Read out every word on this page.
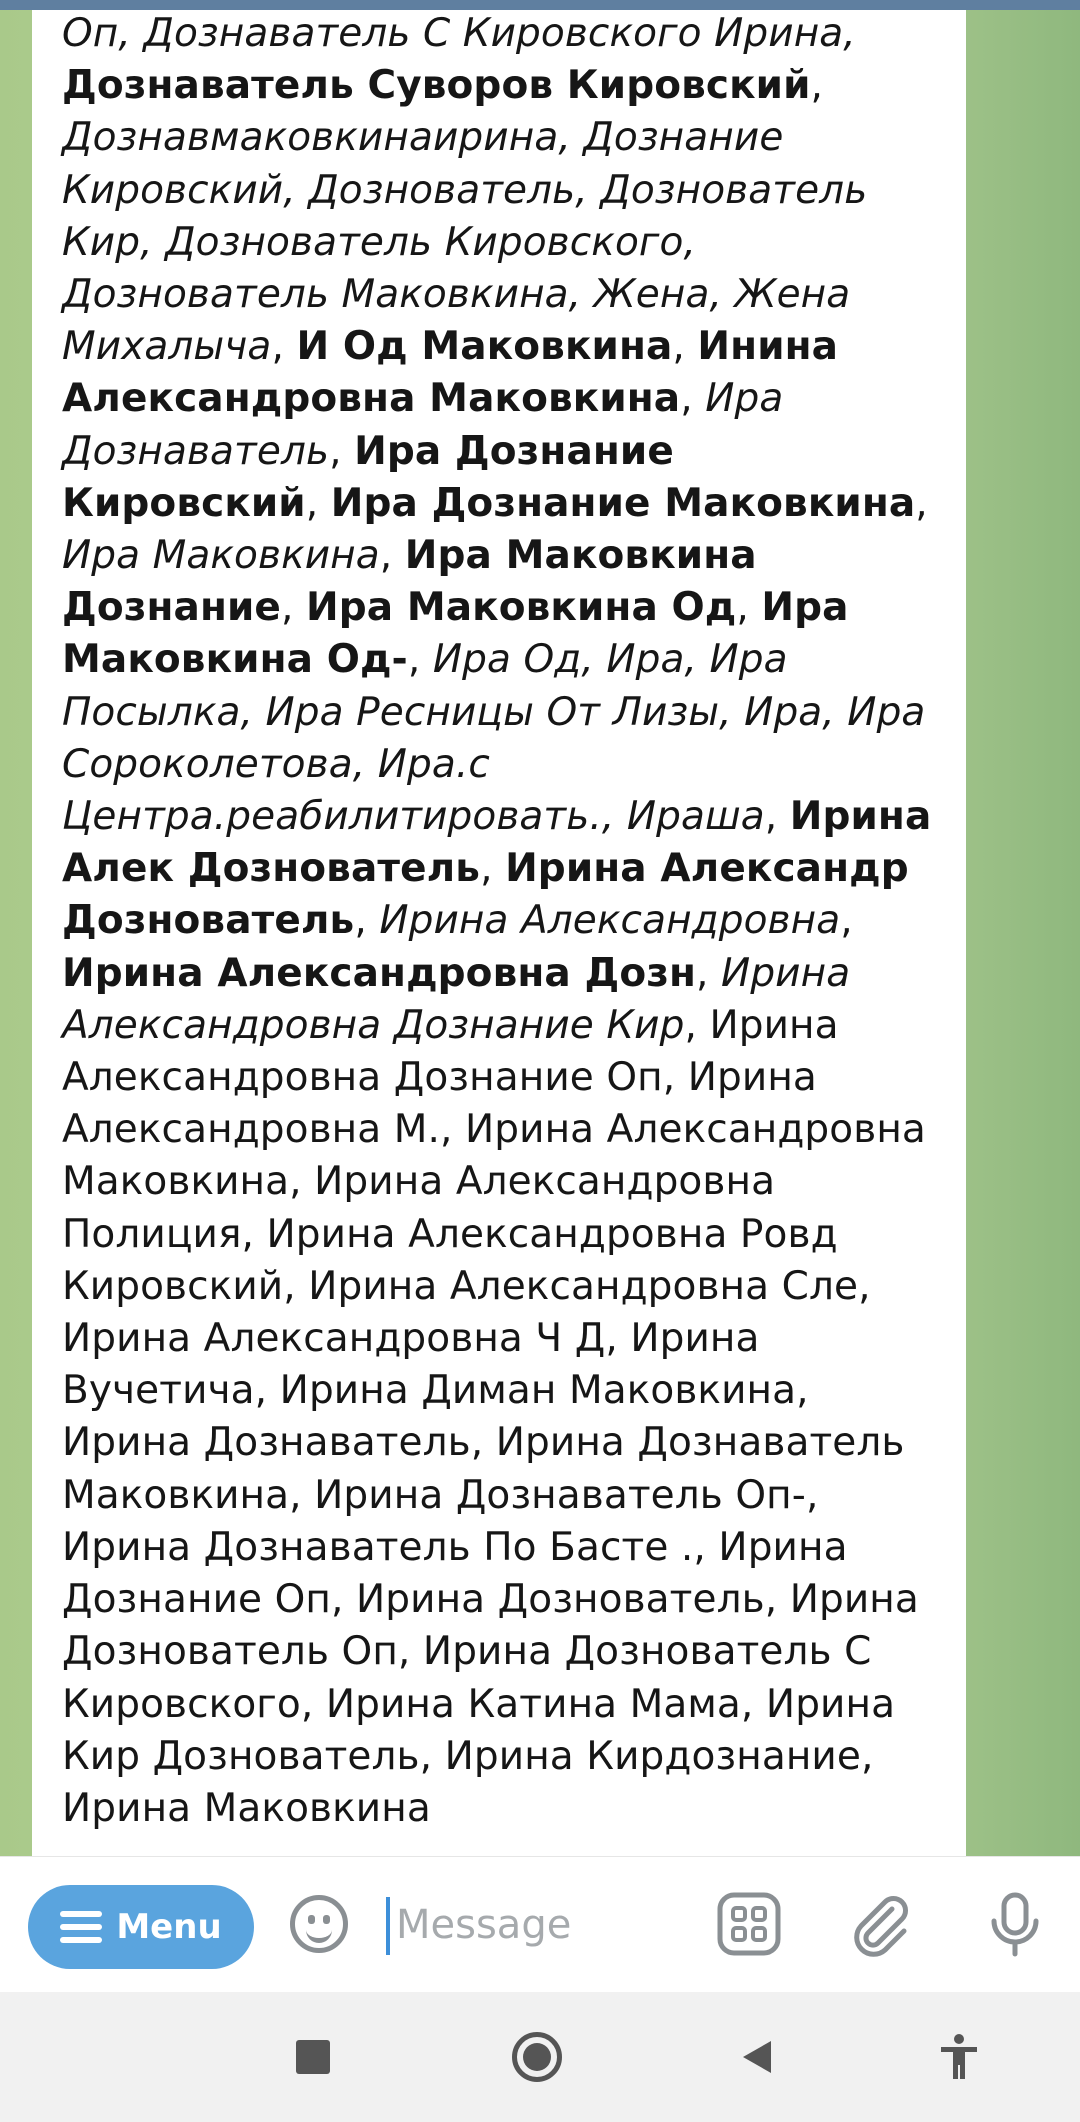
Оп, Дознаватель С Кировского Ирина, Дознаватель Суворов Кировский, Дознавмаковкинаирина, Дознание Кировский, Дознователь, Дознователь Кир, Дознователь Кировского, Дознователь Маковкина, Жена, Жена Михалыча, И Од Маковкина, Инина Александровна Маковкина, Ира Дознаватель, Ира Дознание Кировский, Ира Дознание Маковкина, Ира Маковкина, Ира Маковкина Дознание, Ира Маковкина Од, Ира Маковкина Од-, Ира Од, Ира, Ира Посылка, Ира Ресницы От Лизы, Ира, Ира Сороколетова, Ира.с Центра.реабилитировать., Ираша, Ирина Алек Дознователь, Ирина Александр Дознователь, Ирина Александровна, Ирина Александровна Дозн, Ирина Александровна Дознание Кир, Ирина Александровна Дознание Оп, Ирина Александровна М., Ирина Александровна Маковкина, Ирина Александровна Полиция, Ирина Александровна Ровд Кировский, Ирина Александровна Сле, Ирина Александровна Ч Д, Ирина Вучетича, Ирина Диман Маковкина, Ирина Дознаватель, Ирина Дознаватель Маковкина, Ирина Дознаватель Оп-, Ирина Дознаватель По Басте ., Ирина Дознание Оп, Ирина Дознователь, Ирина Дознователь Оп, Ирина Дознователь С Кировского, Ирина Катина Мама, Ирина Кир Дознователь, Ирина Кирдознание, Ирина Маковкина

Menu
Message
